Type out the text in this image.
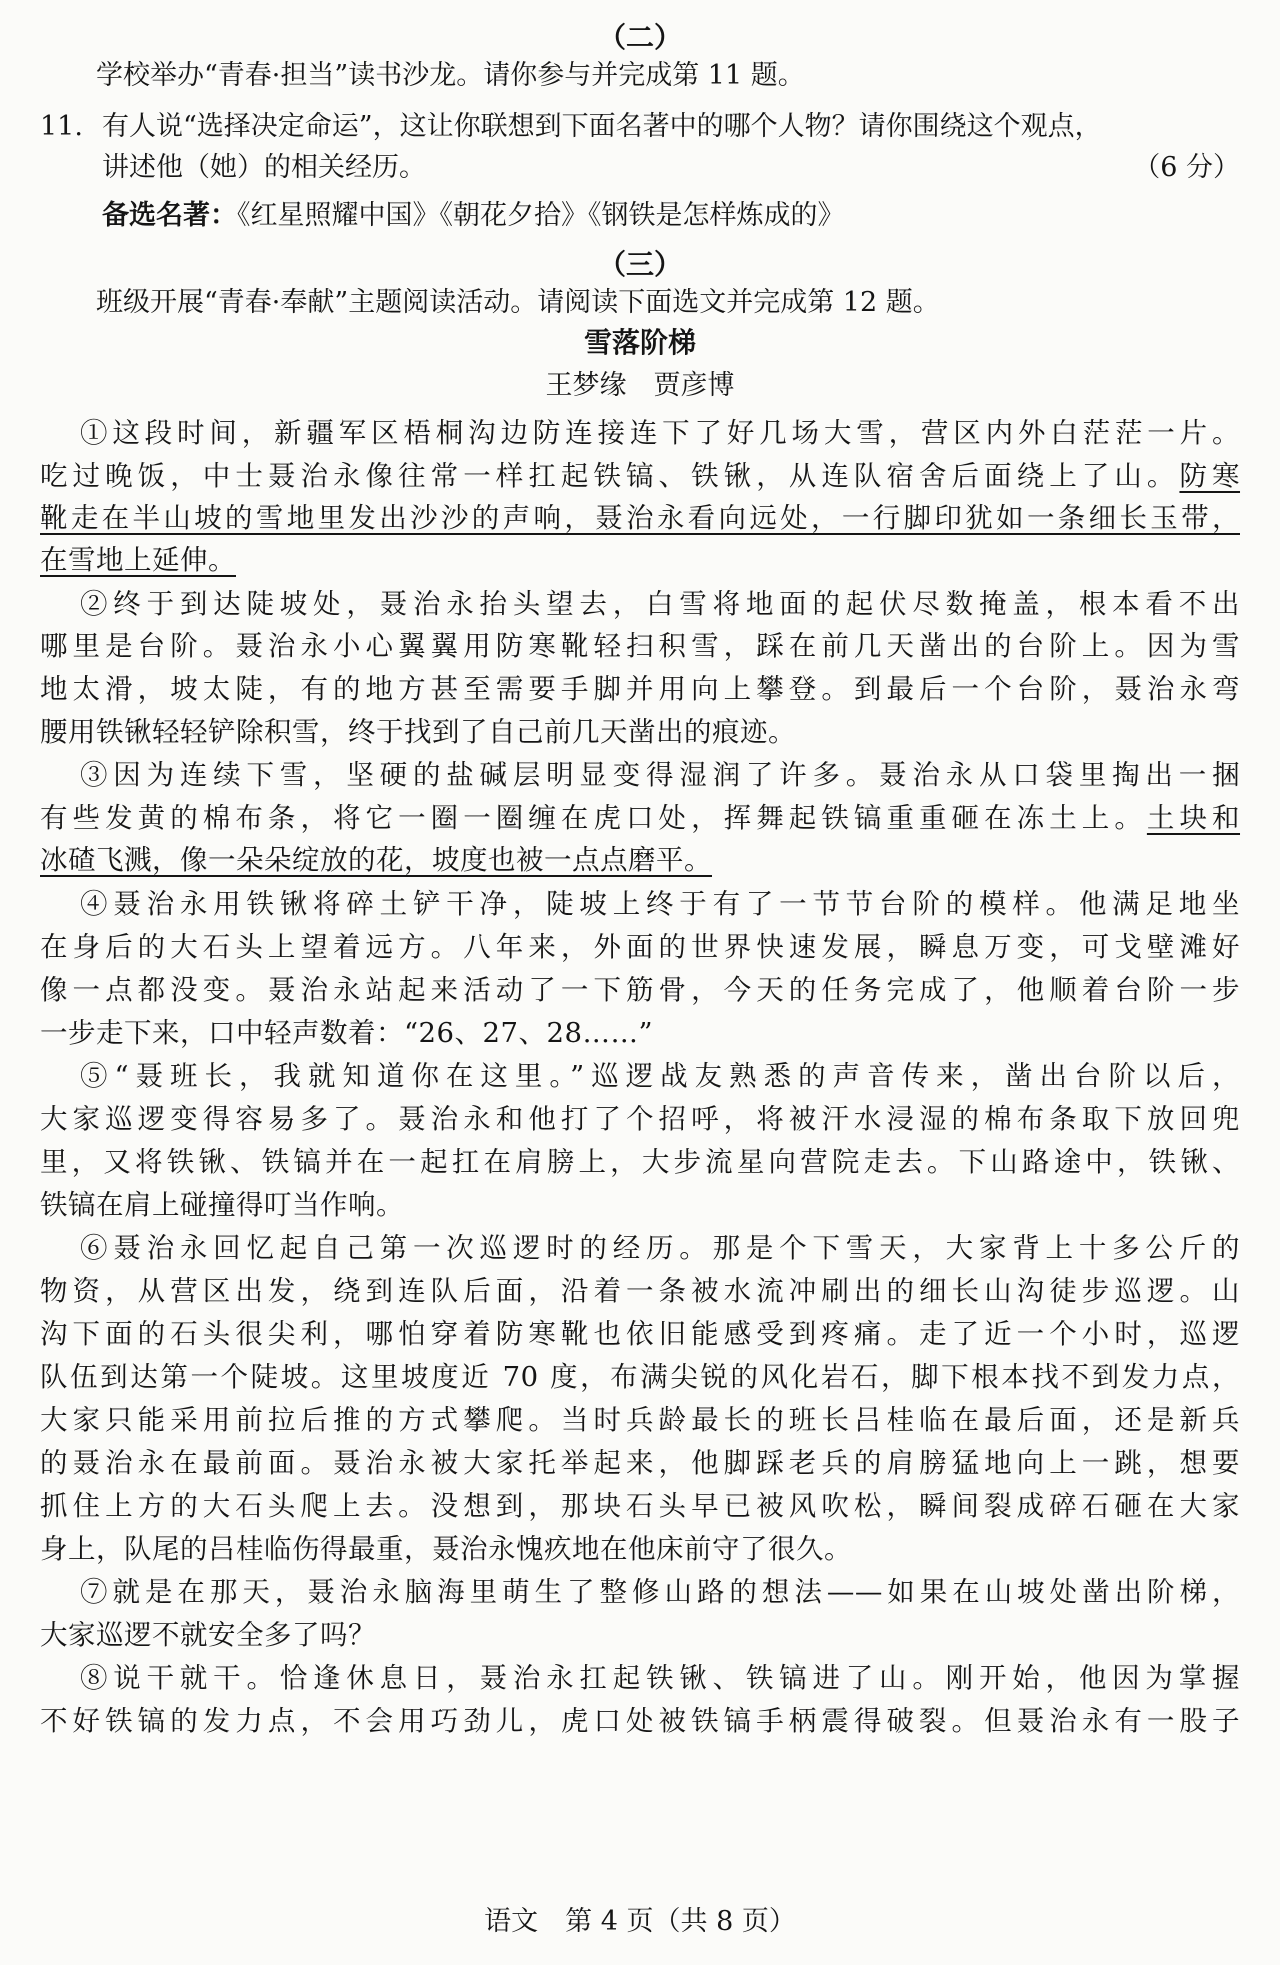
（二）
学校举办“青春·担当”读书沙龙。请你参与并完成第 11 题。
11. 有人说“选择决定命运”，这让你联想到下面名著中的哪个人物？请你围绕这个观点，
讲述他（她）的相关经历。	（6 分）
备选名著：《红星照耀中国》《朝花夕拾》《钢铁是怎样炼成的》
（三）
班级开展“青春·奉献”主题阅读活动。请阅读下面选文并完成第 12 题。
雪落阶梯
王梦缘　贾彦博
①这段时间，新疆军区梧桐沟边防连接连下了好几场大雪，营区内外白茫茫一片。
吃过晚饭，中士聂治永像往常一样扛起铁镐、铁锹，从连队宿舍后面绕上了山。防寒
靴走在半山坡的雪地里发出沙沙的声响，聂治永看向远处，一行脚印犹如一条细长玉带，
在雪地上延伸。
②终于到达陡坡处，聂治永抬头望去，白雪将地面的起伏尽数掩盖，根本看不出
哪里是台阶。聂治永小心翼翼用防寒靴轻扫积雪，踩在前几天凿出的台阶上。因为雪
地太滑，坡太陡，有的地方甚至需要手脚并用向上攀登。到最后一个台阶，聂治永弯
腰用铁锹轻轻铲除积雪，终于找到了自己前几天凿出的痕迹。
③因为连续下雪，坚硬的盐碱层明显变得湿润了许多。聂治永从口袋里掏出一捆
有些发黄的棉布条，将它一圈一圈缠在虎口处，挥舞起铁镐重重砸在冻土上。土块和
冰碴飞溅，像一朵朵绽放的花，坡度也被一点点磨平。
④聂治永用铁锹将碎土铲干净，陡坡上终于有了一节节台阶的模样。他满足地坐
在身后的大石头上望着远方。八年来，外面的世界快速发展，瞬息万变，可戈壁滩好
像一点都没变。聂治永站起来活动了一下筋骨，今天的任务完成了，他顺着台阶一步
一步走下来，口中轻声数着：“26、27、28……”
⑤“聂班长，我就知道你在这里。”巡逻战友熟悉的声音传来，凿出台阶以后，
大家巡逻变得容易多了。聂治永和他打了个招呼，将被汗水浸湿的棉布条取下放回兜
里，又将铁锹、铁镐并在一起扛在肩膀上，大步流星向营院走去。下山路途中，铁锹、
铁镐在肩上碰撞得叮当作响。
⑥聂治永回忆起自己第一次巡逻时的经历。那是个下雪天，大家背上十多公斤的
物资，从营区出发，绕到连队后面，沿着一条被水流冲刷出的细长山沟徒步巡逻。山
沟下面的石头很尖利，哪怕穿着防寒靴也依旧能感受到疼痛。走了近一个小时，巡逻
队伍到达第一个陡坡。这里坡度近 70 度，布满尖锐的风化岩石，脚下根本找不到发力点，
大家只能采用前拉后推的方式攀爬。当时兵龄最长的班长吕桂临在最后面，还是新兵
的聂治永在最前面。聂治永被大家托举起来，他脚踩老兵的肩膀猛地向上一跳，想要
抓住上方的大石头爬上去。没想到，那块石头早已被风吹松，瞬间裂成碎石砸在大家
身上，队尾的吕桂临伤得最重，聂治永愧疚地在他床前守了很久。
⑦就是在那天，聂治永脑海里萌生了整修山路的想法——如果在山坡处凿出阶梯，
大家巡逻不就安全多了吗？
⑧说干就干。恰逢休息日，聂治永扛起铁锹、铁镐进了山。刚开始，他因为掌握
不好铁镐的发力点，不会用巧劲儿，虎口处被铁镐手柄震得破裂。但聂治永有一股子
语文　第 4 页（共 8 页）
